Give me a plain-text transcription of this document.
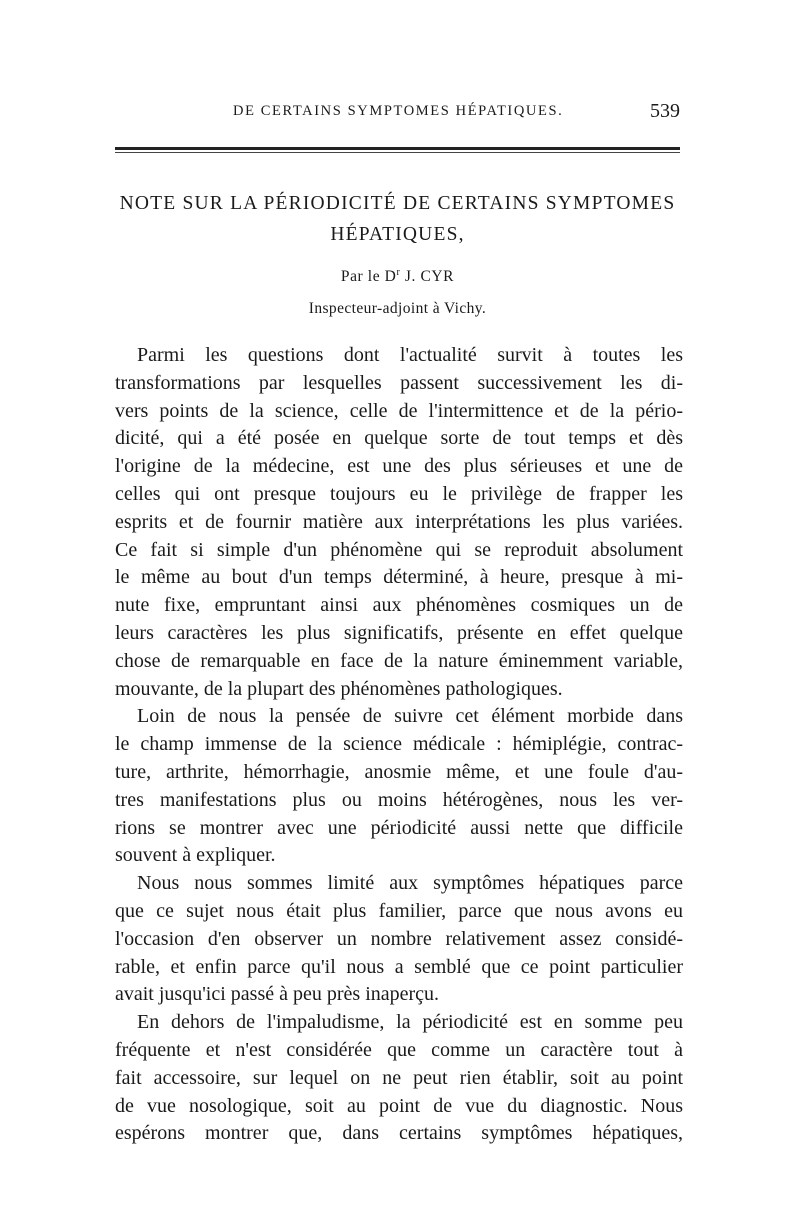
DE CERTAINS SYMPTOMES HÉPATIQUES.	539
NOTE SUR LA PÉRIODICITÉ DE CERTAINS SYMPTOMES
HÉPATIQUES,
Par le $D^r$ J. CYR
Inspecteur-adjoint à Vichy.
Parmi les questions dont l'actualité survit à toutes les
transformations par lesquelles passent successivement les di-
vers points de la science, celle de l'intermittence et de la pério-
dicité, qui a été posée en quelque sorte de tout temps et dès
l'origine de la médecine, est une des plus sérieuses et une de
celles qui ont presque toujours eu le privilège de frapper les
esprits et de fournir matière aux interprétations les plus variées.
Ce fait si simple d'un phénomène qui se reproduit absolument
le même au bout d'un temps déterminé, à heure, presque à mi-
nute fixe, empruntant ainsi aux phénomènes cosmiques un de
leurs caractères les plus significatifs, présente en effet quelque
chose de remarquable en face de la nature éminemment variable,
mouvante, de la plupart des phénomènes pathologiques.
Loin de nous la pensée de suivre cet élément morbide dans
le champ immense de la science médicale : hémiplégie, contrac-
ture, arthrite, hémorrhagie, anosmie même, et une foule d'au-
tres manifestations plus ou moins hétérogènes, nous les ver-
rions se montrer avec une périodicité aussi nette que difficile
souvent à expliquer.
Nous nous sommes limité aux symptômes hépatiques parce
que ce sujet nous était plus familier, parce que nous avons eu
l'occasion d'en observer un nombre relativement assez considé-
rable, et enfin parce qu'il nous a semblé que ce point particulier
avait jusqu'ici passé à peu près inaperçu.
En dehors de l'impaludisme, la périodicité est en somme peu
fréquente et n'est considérée que comme un caractère tout à
fait accessoire, sur lequel on ne peut rien établir, soit au point
de vue nosologique, soit au point de vue du diagnostic. Nous
espérons montrer que, dans certains symptômes hépatiques,
